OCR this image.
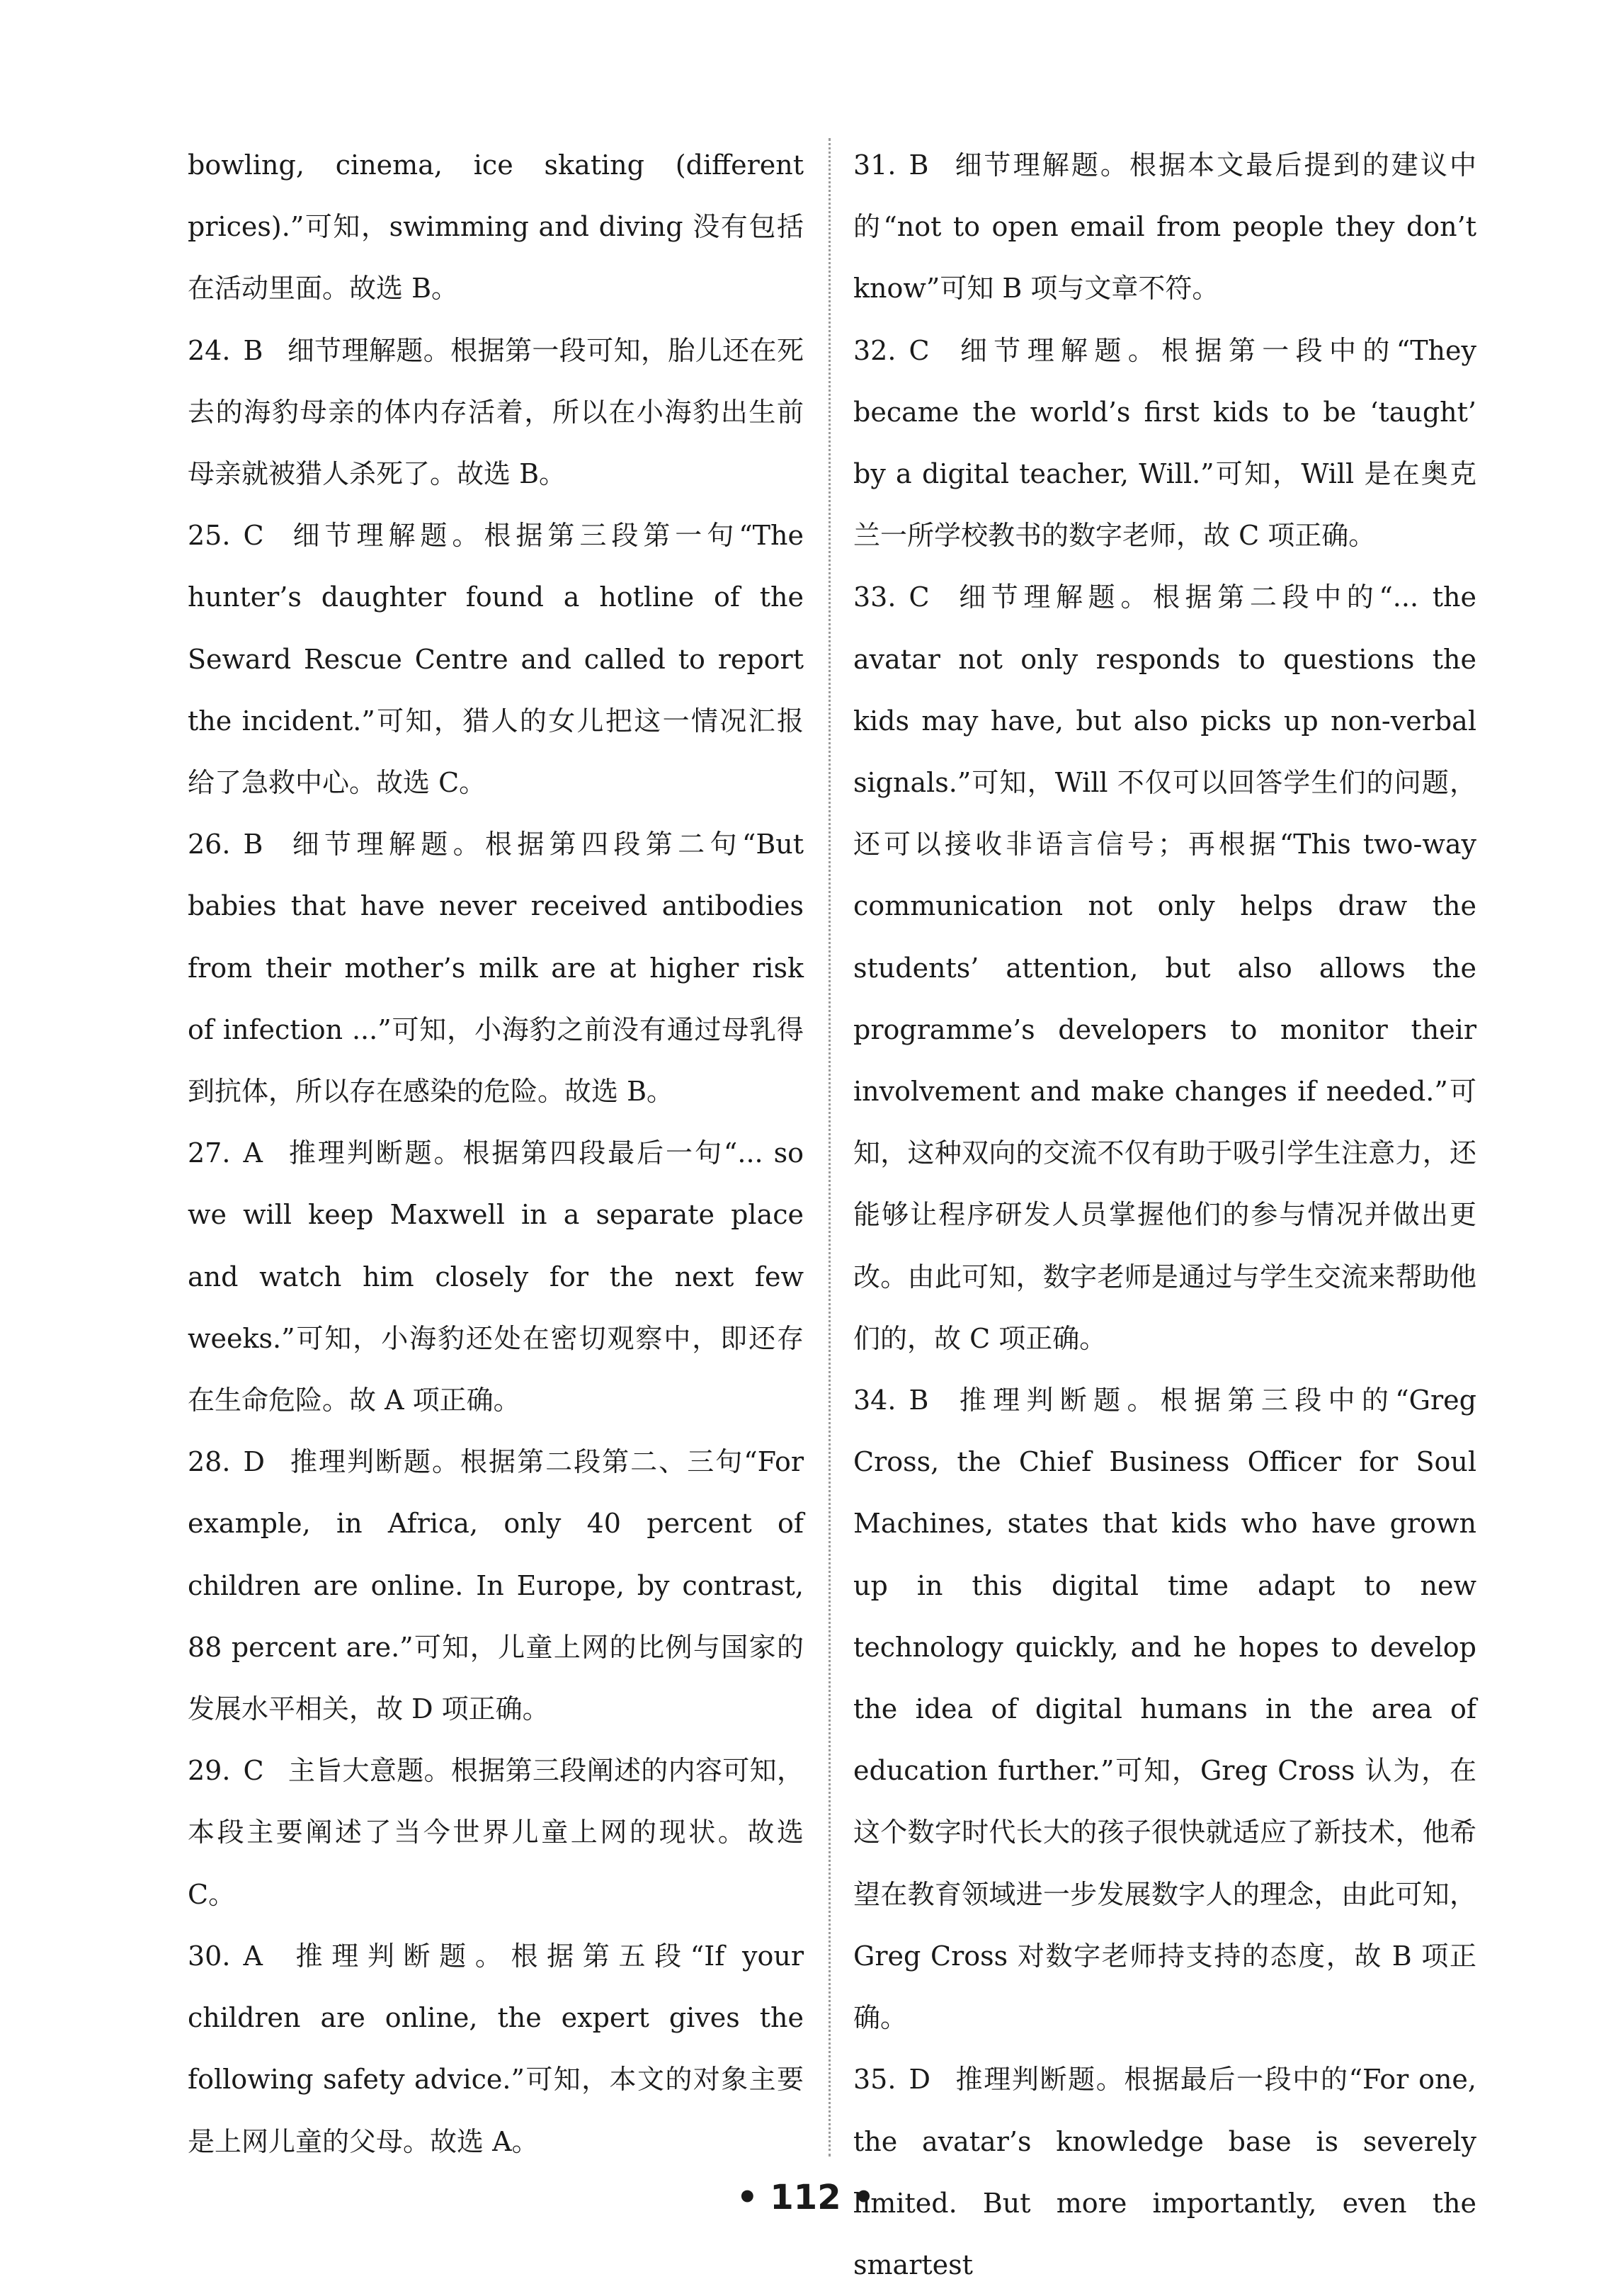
bowling, cinema, ice skating (different prices).”可知，swimming and diving 没有包括在活动里面。故选 B。
24. B 细节理解题。根据第一段可知，胎儿还在死去的海豹母亲的体内存活着，所以在小海豹出生前母亲就被猎人杀死了。故选 B。
25. C 细节理解题。根据第三段第一句“The hunter’s daughter found a hotline of the Seward Rescue Centre and called to report the incident.”可知，猎人的女儿把这一情况汇报给了急救中心。故选 C。
26. B 细节理解题。根据第四段第二句“But babies that have never received antibodies from their mother’s milk are at higher risk of infection ...”可知，小海豹之前没有通过母乳得到抗体，所以存在感染的危险。故选 B。
27. A 推理判断题。根据第四段最后一句“... so we will keep Maxwell in a separate place and watch him closely for the next few weeks.”可知，小海豹还处在密切观察中，即还存在生命危险。故 A 项正确。
28. D 推理判断题。根据第二段第二、三句“For example, in Africa, only 40 percent of children are online. In Europe, by contrast, 88 percent are.”可知，儿童上网的比例与国家的发展水平相关，故 D 项正确。
29. C 主旨大意题。根据第三段阐述的内容可知，本段主要阐述了当今世界儿童上网的现状。故选 C。
30. A 推理判断题。根据第五段“If your children are online, the expert gives the following safety advice.”可知，本文的对象主要是上网儿童的父母。故选 A。
31. B 细节理解题。根据本文最后提到的建议中的“not to open email from people they don’t know”可知 B 项与文章不符。
32. C 细节理解题。根据第一段中的“They became the world’s first kids to be ‘taught’ by a digital teacher, Will.”可知，Will 是在奥克兰一所学校教书的数字老师，故 C 项正确。
33. C 细节理解题。根据第二段中的“... the avatar not only responds to questions the kids may have, but also picks up non-verbal signals.”可知，Will 不仅可以回答学生们的问题，还可以接收非语言信号；再根据“This two-way communication not only helps draw the students’ attention, but also allows the programme’s developers to monitor their involvement and make changes if needed.”可知，这种双向的交流不仅有助于吸引学生注意力，还能够让程序研发人员掌握他们的参与情况并做出更改。由此可知，数字老师是通过与学生交流来帮助他们的，故 C 项正确。
34. B 推理判断题。根据第三段中的“Greg Cross, the Chief Business Officer for Soul Machines, states that kids who have grown up in this digital time adapt to new technology quickly, and he hopes to develop the idea of digital humans in the area of education further.”可知，Greg Cross 认为，在这个数字时代长大的孩子很快就适应了新技术，他希望在教育领域进一步发展数字人的理念，由此可知，Greg Cross 对数字老师持支持的态度，故 B 项正确。
35. D 推理判断题。根据最后一段中的“For one, the avatar’s knowledge base is severely limited. But more importantly, even the smartest
• 112 •
